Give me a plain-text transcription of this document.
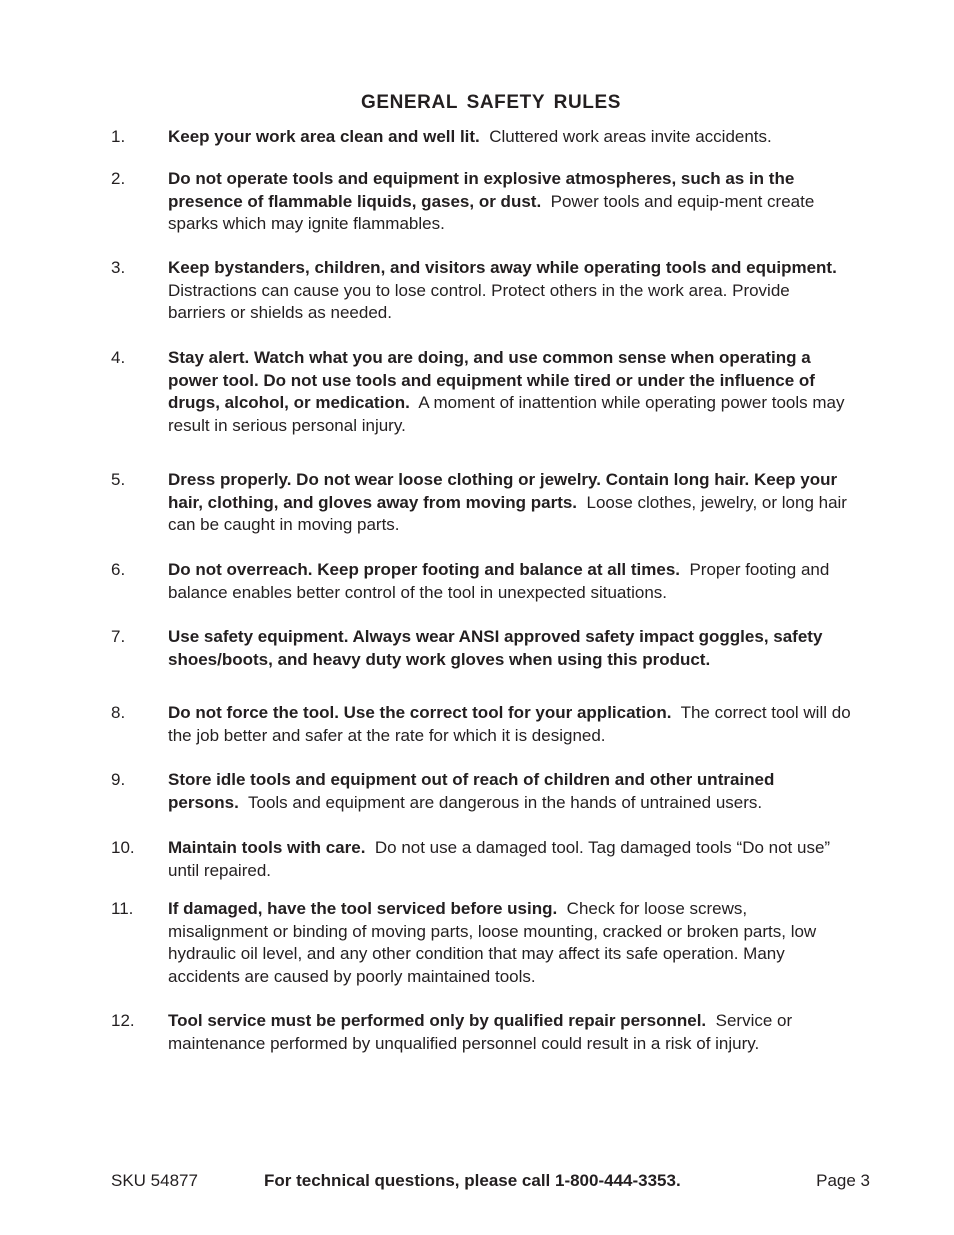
GENERAL SAFETY RULES
1.	Keep your work area clean and well lit. Cluttered work areas invite accidents.
2.	Do not operate tools and equipment in explosive atmospheres, such as in the presence of flammable liquids, gases, or dust. Power tools and equip-ment create sparks which may ignite flammables.
3.	Keep bystanders, children, and visitors away while operating tools and equipment.  Distractions can cause you to lose control. Protect others in the work area. Provide barriers or shields as needed.
4.	Stay alert. Watch what you are doing, and use common sense when operating a power tool. Do not use tools and equipment while tired or under the influence of drugs, alcohol, or medication. A moment of inattention while operating power tools may result in serious personal injury.
5.	Dress properly. Do not wear loose clothing or jewelry. Contain long hair. Keep your hair, clothing, and gloves away from moving parts. Loose clothes, jewelry, or long hair can be caught in moving parts.
6.	Do not overreach. Keep proper footing and balance at all times. Proper footing and balance enables better control of the tool in unexpected situations.
7.	Use safety equipment. Always wear ANSI approved safety impact goggles, safety shoes/boots, and heavy duty work gloves when using this product.
8.	Do not force the tool. Use the correct tool for your application. The correct tool will do the job better and safer at the rate for which it is designed.
9.	Store idle tools and equipment out of reach of children and other untrained persons. Tools and equipment are dangerous in the hands of untrained users.
10. Maintain tools with care. Do not use a damaged tool. Tag damaged tools “Do not use” until repaired.
11. If damaged, have the tool serviced before using. Check for loose screws, misalignment or binding of moving parts, loose mounting, cracked or broken parts, low hydraulic oil level, and any other condition that may affect its safe operation. Many accidents are caused by poorly maintained tools.
12. Tool service must be performed only by qualified repair personnel. Service or maintenance performed by unqualified personnel could result in a risk of injury.
SKU 54877	For technical questions, please call 1-800-444-3353.	Page 3
